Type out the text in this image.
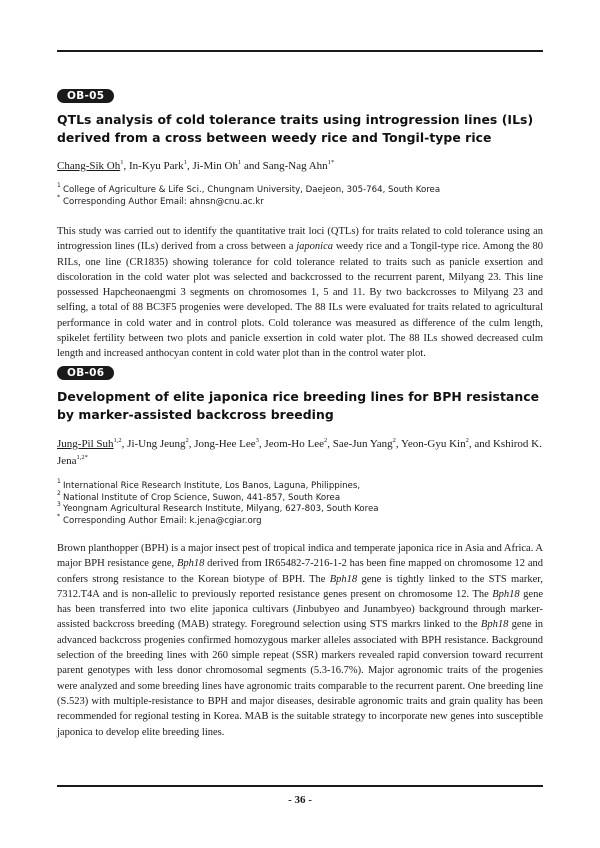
OB-05
QTLs analysis of cold tolerance traits using introgression lines (ILs) derived from a cross between weedy rice and Tongil-type rice
Chang-Sik Oh$^1$, In-Kyu Park$^1$, Ji-Min Oh$^1$ and Sang-Nag Ahn$^{1*}$
1 College of Agriculture & Life Sci., Chungnam University, Daejeon, 305-764, South Korea
* Corresponding Author Email: ahnsn@cnu.ac.kr

This study was carried out to identify the quantitative trait loci (QTLs) for traits related to cold tolerance using an introgression lines (ILs) derived from a cross between a japonica weedy rice and a Tongil-type rice. Among the 80 RILs, one line (CR1835) showing tolerance for cold tolerance related to traits such as panicle exsertion and discoloration in the cold water plot was selected and backcrossed to the recurrent parent, Milyang 23. This line possessed Hapcheonaengmi 3 segments on chromosomes 1, 5 and 11. By two backcrosses to Milyang 23 and selfing, a total of 88 BC3F5 progenies were developed. The 88 ILs were evaluated for traits related to agricultural performance in cold water and in control plots. Cold tolerance was measured as difference of the culm length, spikelet fertility between two plots and panicle exsertion in cold water plot. The 88 ILs showed decreased culm length and increased anthocyan content in cold water plot than in the control water plot.

OB-06
Development of elite japonica rice breeding lines for BPH resistance by marker-assisted backcross breeding
Jung-Pil Suh$^{1,2}$, Ji-Ung Jeung$^2$, Jong-Hee Lee$^3$, Jeom-Ho Lee$^2$, Sae-Jun Yang$^2$, Yeon-Gyu Kin$^2$, and Kshirod K. Jena$^{1,2*}$
1 International Rice Research Institute, Los Banos, Laguna, Philippines,
2 National Institute of Crop Science, Suwon, 441-857, South Korea
3 Yeongnam Agricultural Research Institute, Milyang, 627-803, South Korea
* Corresponding Author Email: k.jena@cgiar.org

Brown planthopper (BPH) is a major insect pest of tropical indica and temperate japonica rice in Asia and Africa. A major BPH resistance gene, Bph18 derived from IR65482-7-216-1-2 has been fine mapped on chromosome 12 and confers strong resistance to the Korean biotype of BPH. The Bph18 gene is tightly linked to the STS marker, 7312.T4A and is non-allelic to previously reported resistance genes present on chromosome 12. The Bph18 gene has been transferred into two elite japonica cultivars (Jinbubyeo and Junambyeo) background through marker-assisted backcross breeding (MAB) strategy. Foreground selection using STS markrs linked to the Bph18 gene in advanced backcross progenies confirmed homozygous marker alleles associated with BPH resistance. Background selection of the breeding lines with 260 simple repeat (SSR) markers revealed rapid conversion toward recurrent parent genotypes with less donor chromosomal segments (5.3-16.7%). Major agronomic traits of the progenies were analyzed and some breeding lines have agronomic traits comparable to the recurrent parent. One breeding line (S.523) with multiple-resistance to BPH and major diseases, desirable agronomic traits and grain quality has been recommended for regional testing in Korea. MAB is the suitable strategy to incorporate new genes into susceptible japonica to develop elite breeding lines.

- 36 -
